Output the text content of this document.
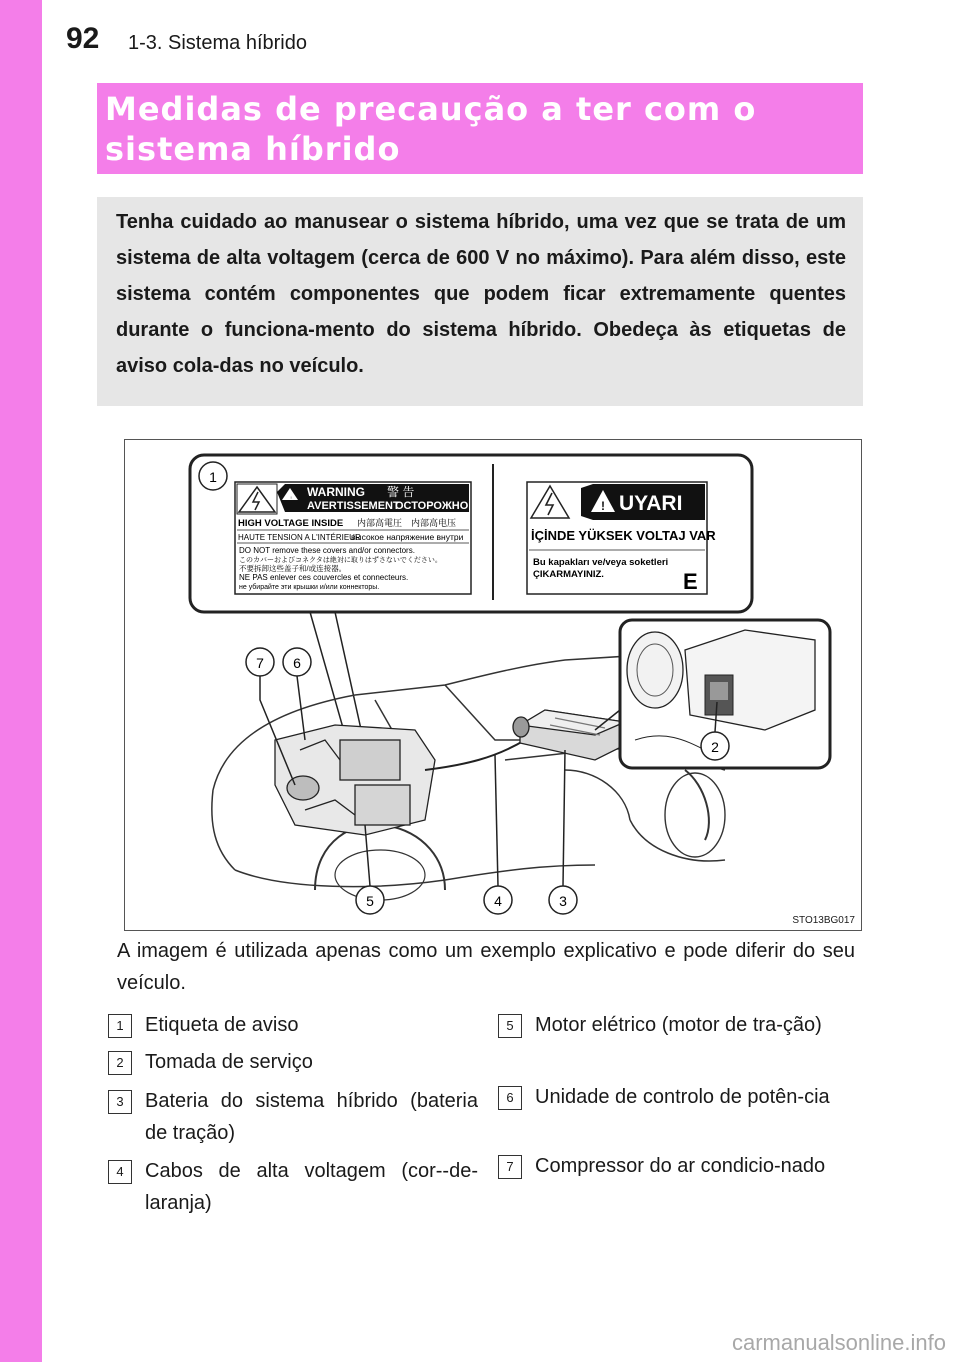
92 1-3. Sistema híbrido
Medidas de precaução a ter com o sistema híbrido
Tenha cuidado ao manusear o sistema híbrido, uma vez que se trata de um sistema de alta voltagem (cerca de 600 V no máximo). Para além disso, este sistema contém componentes que podem ficar extremamente quentes durante o funciona-mento do sistema híbrido. Obedeça às etiquetas de aviso cola-das no veículo.
1
! WARNING 警 告
AVERTISSEMENT
ОСТОРОЖНО
HIGH VOLTAGE INSIDE 内部高電圧 内部高电压
HAUTE TENSION A L'INTÉRIEUR
высокое напряжение внутри
DO NOT remove these covers and/or connectors.
このカバーおよびコネクタは絶対に取りはずさないでください。
不要拆卸这些盖子和/或连接器。
NE PAS enlever ces couvercles et connecteurs.
не убирайте эти крышки и/или коннекторы.
! UYARI
İÇİNDE YÜKSEK VOLTAJ VAR
Bu kapakları ve/veya soketleri
ÇIKARMAYINIZ.	E
2
7 6
5	4	3
STO13BG017
A imagem é utilizada apenas como um exemplo explicativo e pode diferir do seu veículo.
1	Etiqueta de aviso
2	Tomada de serviço
3	Bateria do sistema híbrido (bateria de tração)
4	Cabos de alta voltagem (cor--de-laranja)
5	Motor elétrico (motor de tra-ção)
6	Unidade de controlo de potên-cia
7	Compressor do ar condicio-nado
carmanualsonline.info
